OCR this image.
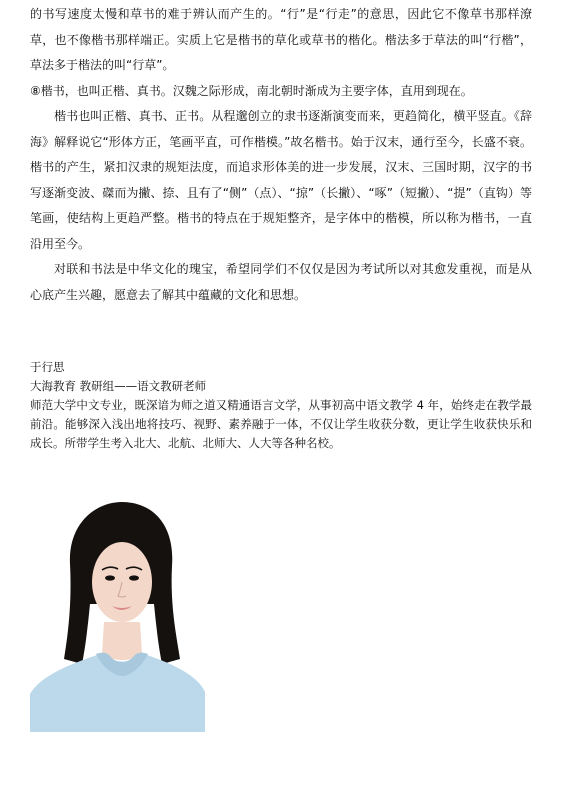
的书写速度太慢和草书的难于辨认而产生的。“行”是“行走”的意思，因此它不像草书那样潦草，也不像楷书那样端正。实质上它是楷书的草化或草书的楷化。楷法多于草法的叫“行楷”，草法多于楷法的叫“行草”。

⑧楷书，也叫正楷、真书。汉魏之际形成，南北朝时渐成为主要字体，直用到现在。

楷书也叫正楷、真书、正书。从程邈创立的隶书逐渐演变而来，更趋简化，横平竖直。《辞海》解释说它“形体方正，笔画平直，可作楷模。”故名楷书。始于汉末，通行至今，长盛不衰。楷书的产生，紧扣汉隶的规矩法度，而追求形体美的进一步发展，汉末、三国时期，汉字的书写逐渐变波、磔而为撇、捺、且有了“侧”（点）、“掠”（长撇）、“啄”（短撇）、“提”（直钩）等笔画，使结构上更趋严整。楷书的特点在于规矩整齐，是字体中的楷模，所以称为楷书，一直沿用至今。

对联和书法是中华文化的瑰宝，希望同学们不仅仅是因为考试所以对其愈发重视，而是从心底产生兴趣，愿意去了解其中蕴藏的文化和思想。

于行思

大海教育 教研组——语文教研老师

师范大学中文专业，既深谙为师之道又精通语言文学，从事初高中语文教学 4 年，始终走在教学最前沿。能够深入浅出地将技巧、视野、素养融于一体，不仅让学生收获分数，更让学生收获快乐和成长。所带学生考入北大、北航、北师大、人大等各种名校。
